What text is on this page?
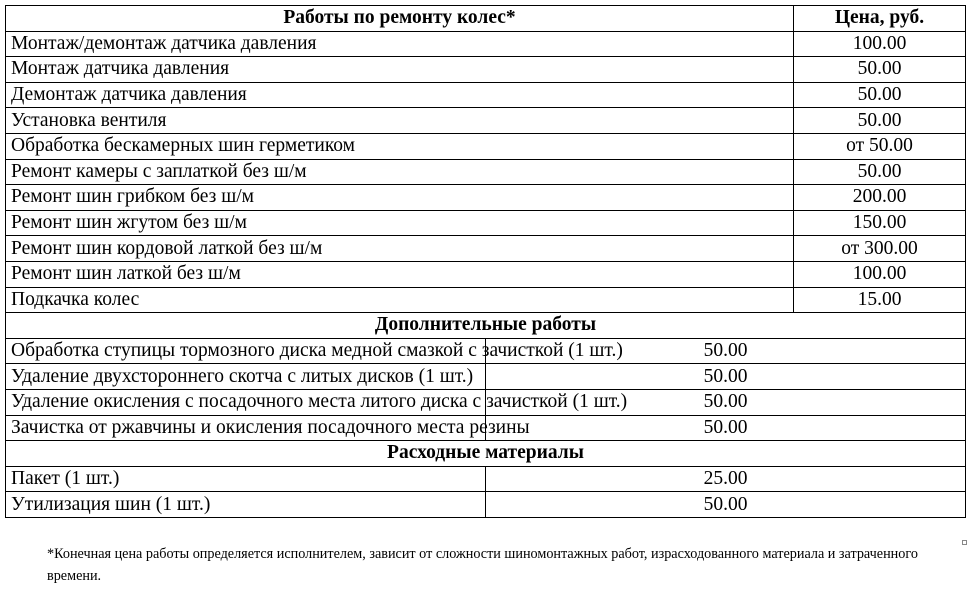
Работы по ремонту колес*	Цена, руб.
Монтаж/демонтаж датчика давления	100.00
Монтаж датчика давления	50.00
Демонтаж датчика давления	50.00
Установка вентиля	50.00
Обработка бескамерных шин герметиком	от 50.00
Ремонт камеры с заплаткой без ш/м	50.00
Ремонт шин грибком без ш/м	200.00
Ремонт шин жгутом без ш/м	150.00
Ремонт шин кордовой латкой без ш/м	от 300.00
Ремонт шин латкой без ш/м	100.00
Подкачка колес	15.00
Дополнительные работы	
Обработка ступицы тормозного диска медной смазкой с зачисткой (1 шт.)	50.00
Удаление двухстороннего скотча с литых дисков (1 шт.)	50.00
Удаление окисления с посадочного места литого диска с зачисткой (1 шт.)	50.00
Зачистка от ржавчины и окисления посадочного места резины	50.00
Расходные материалы	
Пакет (1 шт.)	25.00
Утилизация шин (1 шт.)	50.00
*Конечная цена работы определяется исполнителем, зависит от сложности шиномонтажных работ, израсходованного материала и затраченного времени.
